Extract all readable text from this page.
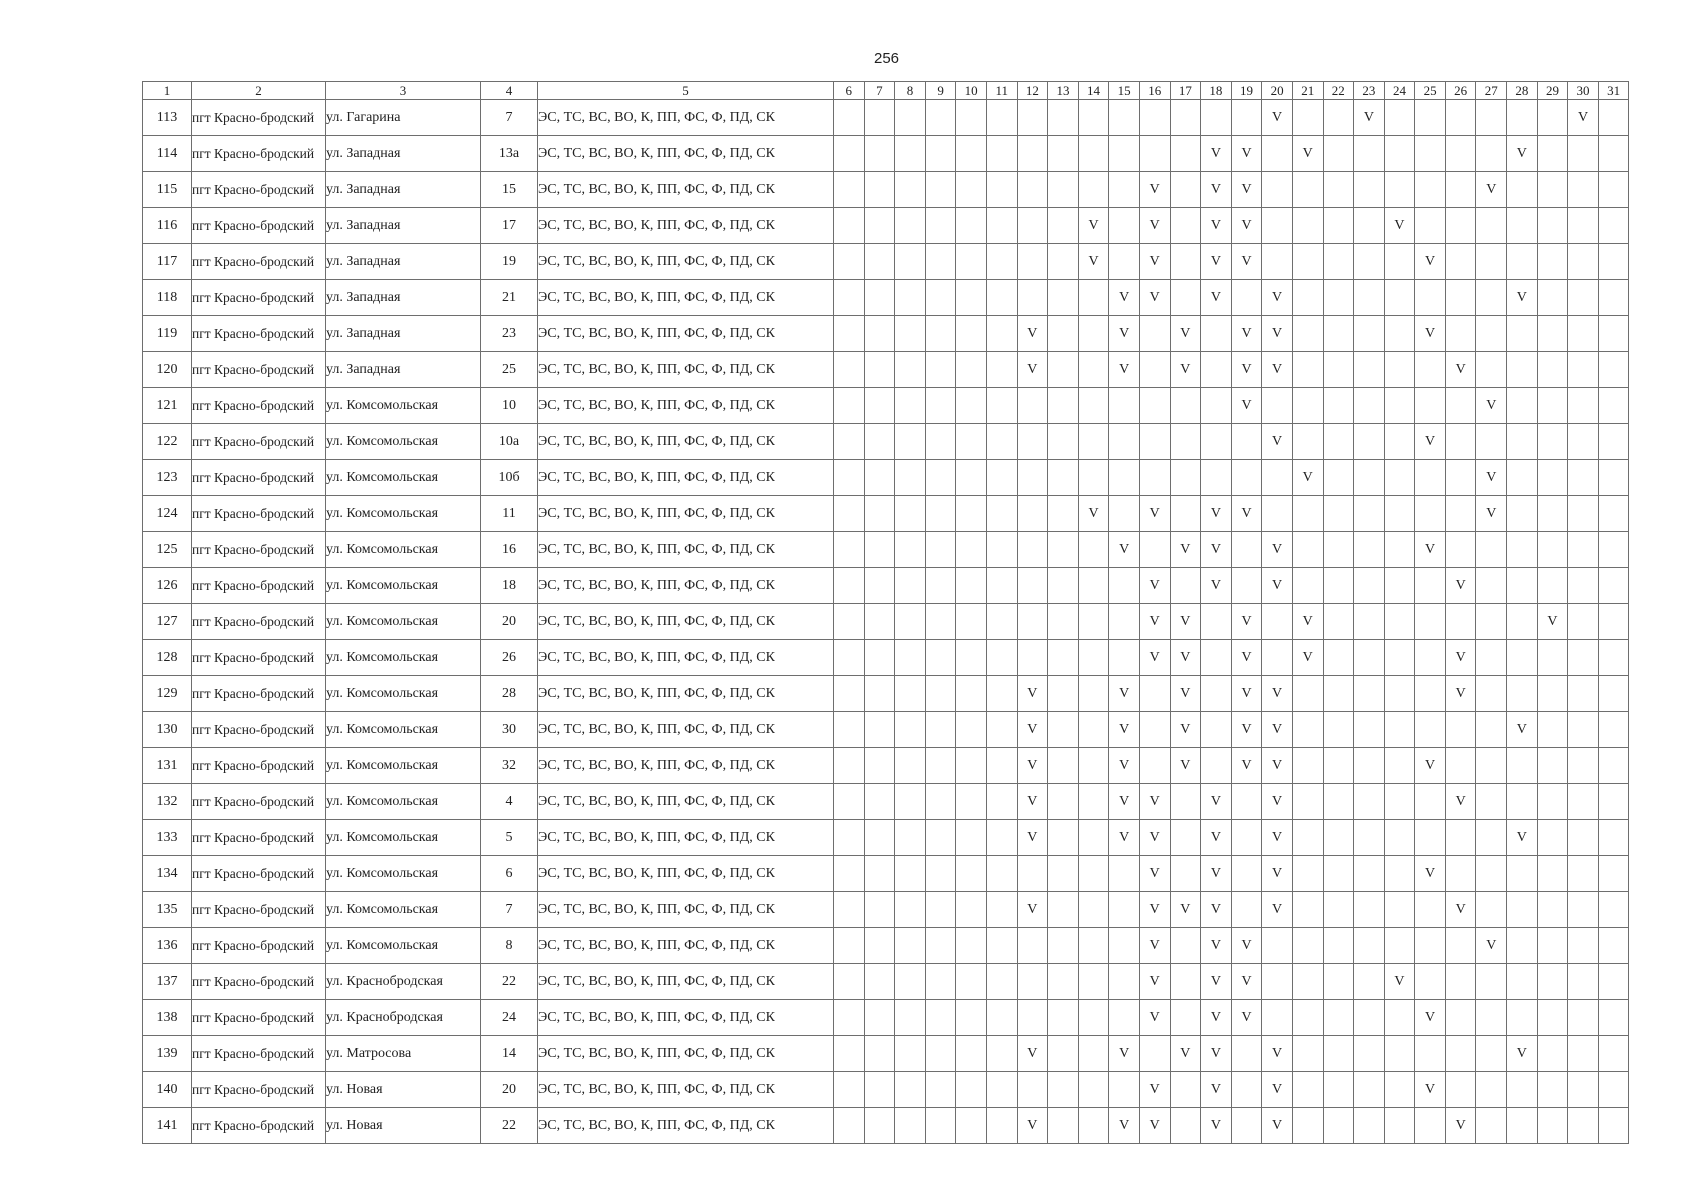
256
1	2	3	4	5	6	7	8	9	10	11	12	13	14	15	16	17	18	19	20	21	22	23	24	25	26	27	28	29	30	31
113	пгт Красно-бродский	ул. Гагарина	7	ЭС, ТС, ВС, ВО, К, ПП, ФС, Ф, ПД, СК															V			V							V	
114	пгт Красно-бродский	ул. Западная	13а	ЭС, ТС, ВС, ВО, К, ПП, ФС, Ф, ПД, СК													V	V		V							V			
115	пгт Красно-бродский	ул. Западная	15	ЭС, ТС, ВС, ВО, К, ПП, ФС, Ф, ПД, СК											V		V	V								V				
116	пгт Красно-бродский	ул. Западная	17	ЭС, ТС, ВС, ВО, К, ПП, ФС, Ф, ПД, СК									V		V		V	V					V							
117	пгт Красно-бродский	ул. Западная	19	ЭС, ТС, ВС, ВО, К, ПП, ФС, Ф, ПД, СК									V		V		V	V						V						
118	пгт Красно-бродский	ул. Западная	21	ЭС, ТС, ВС, ВО, К, ПП, ФС, Ф, ПД, СК										V	V		V		V								V			
119	пгт Красно-бродский	ул. Западная	23	ЭС, ТС, ВС, ВО, К, ПП, ФС, Ф, ПД, СК							V			V		V		V	V					V						
120	пгт Красно-бродский	ул. Западная	25	ЭС, ТС, ВС, ВО, К, ПП, ФС, Ф, ПД, СК							V			V		V		V	V						V					
121	пгт Красно-бродский	ул. Комсомольская	10	ЭС, ТС, ВС, ВО, К, ПП, ФС, Ф, ПД, СК														V								V				
122	пгт Красно-бродский	ул. Комсомольская	10а	ЭС, ТС, ВС, ВО, К, ПП, ФС, Ф, ПД, СК															V					V						
123	пгт Красно-бродский	ул. Комсомольская	10б	ЭС, ТС, ВС, ВО, К, ПП, ФС, Ф, ПД, СК																V						V				
124	пгт Красно-бродский	ул. Комсомольская	11	ЭС, ТС, ВС, ВО, К, ПП, ФС, Ф, ПД, СК									V		V		V	V								V				
125	пгт Красно-бродский	ул. Комсомольская	16	ЭС, ТС, ВС, ВО, К, ПП, ФС, Ф, ПД, СК										V		V	V		V					V						
126	пгт Красно-бродский	ул. Комсомольская	18	ЭС, ТС, ВС, ВО, К, ПП, ФС, Ф, ПД, СК											V		V		V						V					
127	пгт Красно-бродский	ул. Комсомольская	20	ЭС, ТС, ВС, ВО, К, ПП, ФС, Ф, ПД, СК											V	V		V		V								V		
128	пгт Красно-бродский	ул. Комсомольская	26	ЭС, ТС, ВС, ВО, К, ПП, ФС, Ф, ПД, СК											V	V		V		V					V					
129	пгт Красно-бродский	ул. Комсомольская	28	ЭС, ТС, ВС, ВО, К, ПП, ФС, Ф, ПД, СК							V			V		V		V	V						V					
130	пгт Красно-бродский	ул. Комсомольская	30	ЭС, ТС, ВС, ВО, К, ПП, ФС, Ф, ПД, СК							V			V		V		V	V								V			
131	пгт Красно-бродский	ул. Комсомольская	32	ЭС, ТС, ВС, ВО, К, ПП, ФС, Ф, ПД, СК							V			V		V		V	V					V						
132	пгт Красно-бродский	ул. Комсомольская	4	ЭС, ТС, ВС, ВО, К, ПП, ФС, Ф, ПД, СК							V			V	V		V		V						V					
133	пгт Красно-бродский	ул. Комсомольская	5	ЭС, ТС, ВС, ВО, К, ПП, ФС, Ф, ПД, СК							V			V	V		V		V								V			
134	пгт Красно-бродский	ул. Комсомольская	6	ЭС, ТС, ВС, ВО, К, ПП, ФС, Ф, ПД, СК											V		V		V					V						
135	пгт Красно-бродский	ул. Комсомольская	7	ЭС, ТС, ВС, ВО, К, ПП, ФС, Ф, ПД, СК							V				V	V	V		V						V					
136	пгт Красно-бродский	ул. Комсомольская	8	ЭС, ТС, ВС, ВО, К, ПП, ФС, Ф, ПД, СК											V		V	V								V				
137	пгт Красно-бродский	ул. Краснобродская	22	ЭС, ТС, ВС, ВО, К, ПП, ФС, Ф, ПД, СК											V		V	V					V							
138	пгт Красно-бродский	ул. Краснобродская	24	ЭС, ТС, ВС, ВО, К, ПП, ФС, Ф, ПД, СК											V		V	V						V						
139	пгт Красно-бродский	ул. Матросова	14	ЭС, ТС, ВС, ВО, К, ПП, ФС, Ф, ПД, СК							V			V		V	V		V								V			
140	пгт Красно-бродский	ул. Новая	20	ЭС, ТС, ВС, ВО, К, ПП, ФС, Ф, ПД, СК											V		V		V					V						
141	пгт Красно-бродский	ул. Новая	22	ЭС, ТС, ВС, ВО, К, ПП, ФС, Ф, ПД, СК							V			V	V		V		V						V					
